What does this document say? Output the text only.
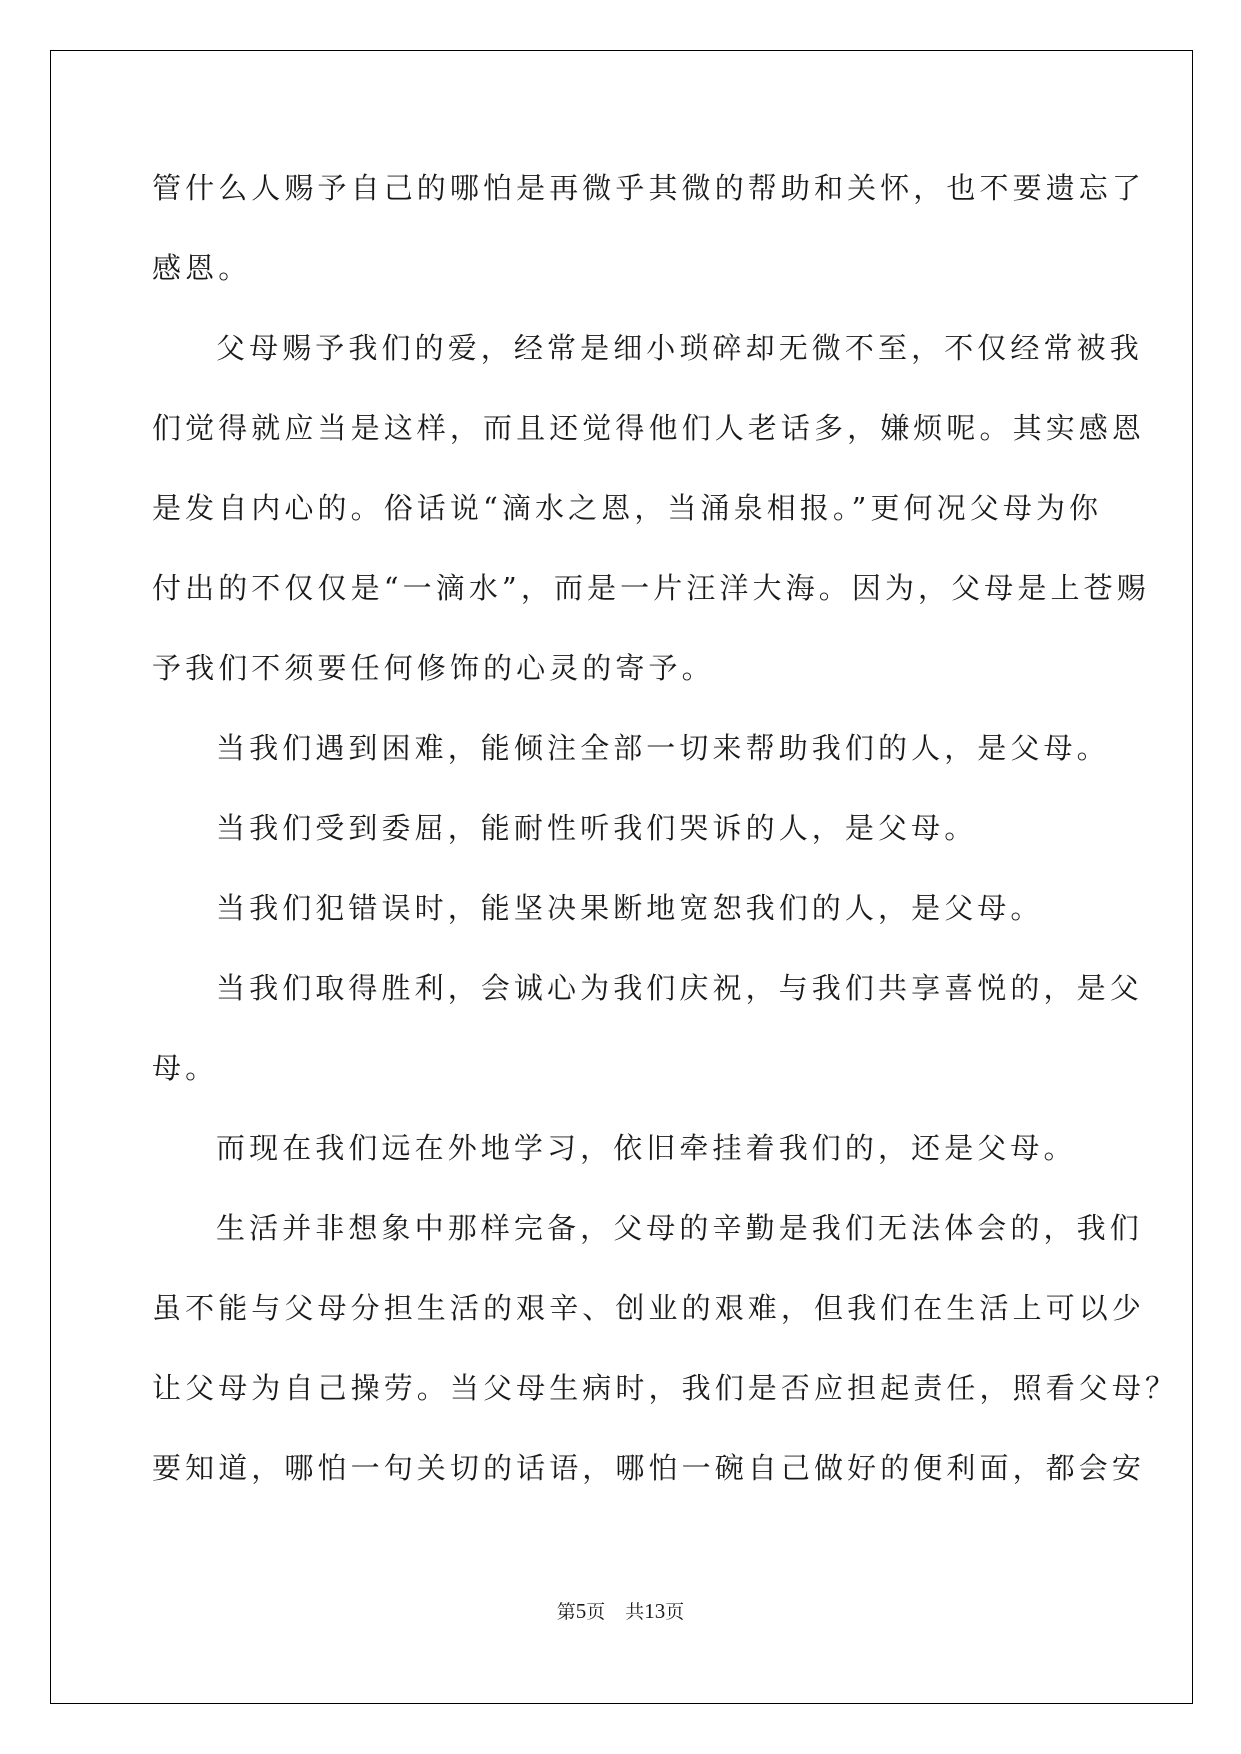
管什么人赐予自己的哪怕是再微乎其微的帮助和关怀，也不要遗忘了
感恩。
父母赐予我们的爱，经常是细小琐碎却无微不至，不仅经常被我
们觉得就应当是这样，而且还觉得他们人老话多，嫌烦呢。其实感恩
是发自内心的。俗话说“滴水之恩，当涌泉相报。”更何况父母为你
付出的不仅仅是“一滴水”，而是一片汪洋大海。因为，父母是上苍赐
予我们不须要任何修饰的心灵的寄予。
当我们遇到困难，能倾注全部一切来帮助我们的人，是父母。
当我们受到委屈，能耐性听我们哭诉的人，是父母。
当我们犯错误时，能坚决果断地宽恕我们的人，是父母。
当我们取得胜利，会诚心为我们庆祝，与我们共享喜悦的，是父
母。
而现在我们远在外地学习，依旧牵挂着我们的，还是父母。
生活并非想象中那样完备，父母的辛勤是我们无法体会的，我们
虽不能与父母分担生活的艰辛、创业的艰难，但我们在生活上可以少
让父母为自己操劳。当父母生病时，我们是否应担起责任，照看父母？
要知道，哪怕一句关切的话语，哪怕一碗自己做好的便利面，都会安
第5页 共13页
